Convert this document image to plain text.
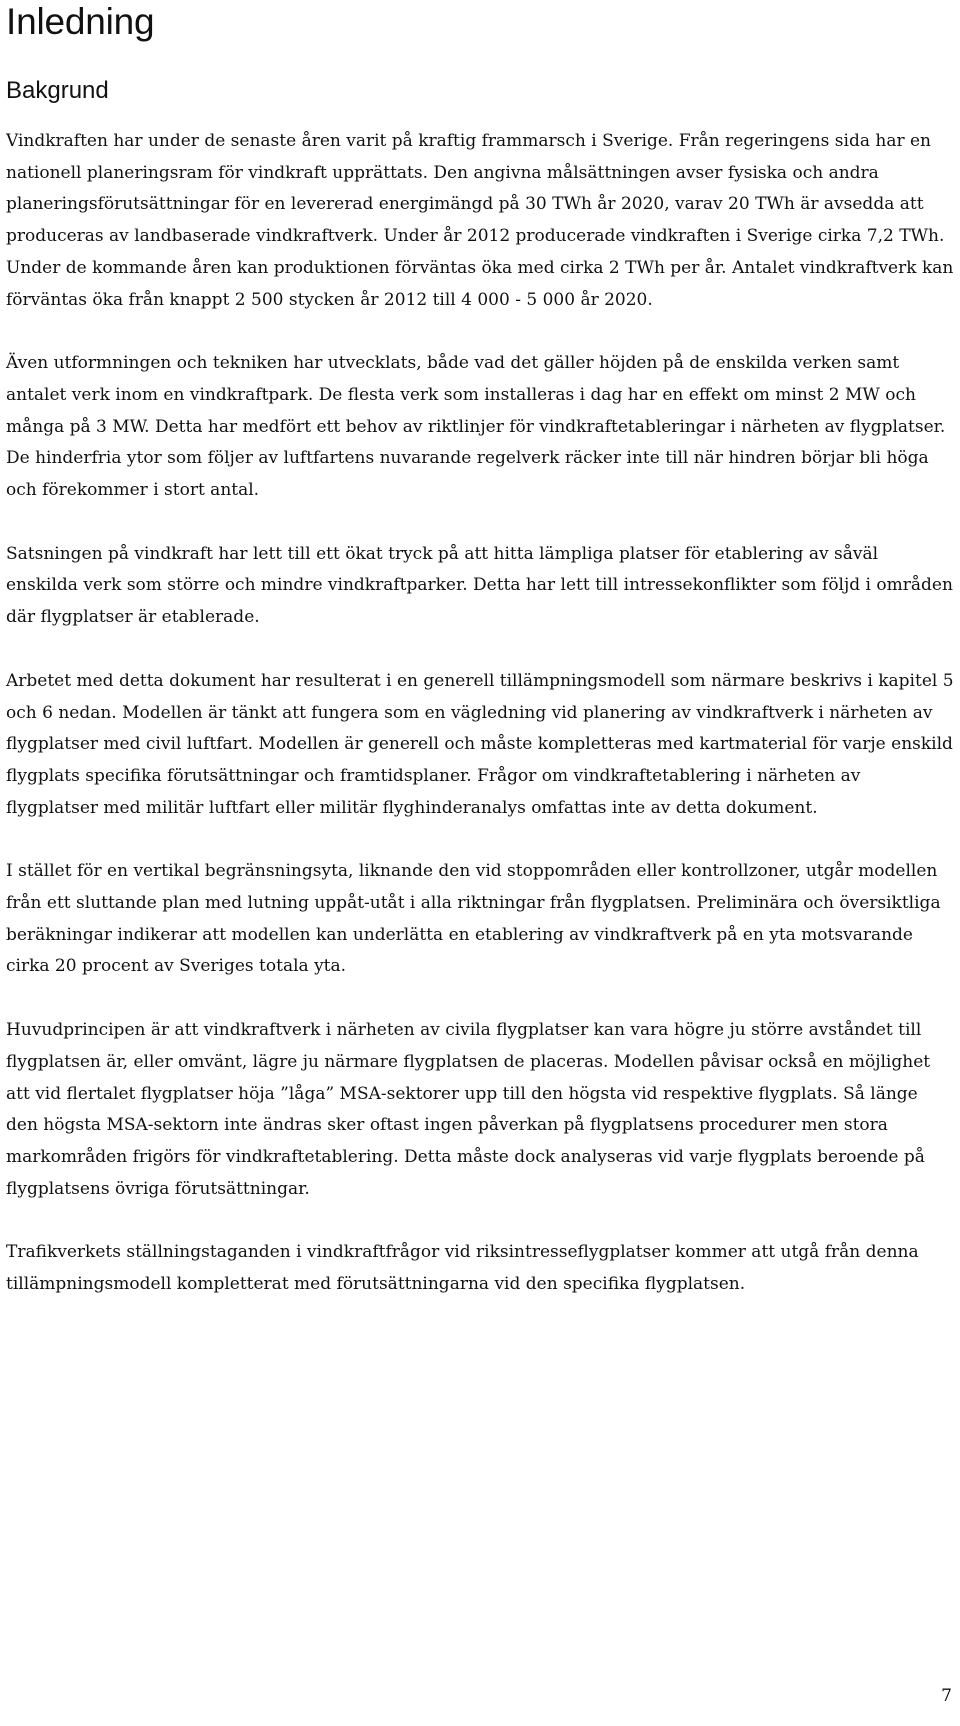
Inledning
Bakgrund

Vindkraften har under de senaste åren varit på kraftig frammarsch i Sverige. Från regeringens sida har en nationell planeringsram för vindkraft upprättats. Den angivna målsättningen avser fysiska och andra planeringsförutsättningar för en levererad energimängd på 30 TWh år 2020, varav 20 TWh är avsedda att produceras av landbaserade vindkraftverk. Under år 2012 producerade vindkraften i Sverige cirka 7,2 TWh. Under de kommande åren kan produktionen förväntas öka med cirka 2 TWh per år. Antalet vindkraftverk kan förväntas öka från knappt 2 500 stycken år 2012 till 4 000 - 5 000 år 2020.

Även utformningen och tekniken har utvecklats, både vad det gäller höjden på de enskilda verken samt antalet verk inom en vindkraftpark. De flesta verk som installeras i dag har en effekt om minst 2 MW och många på 3 MW. Detta har medfört ett behov av riktlinjer för vindkraftetableringar i närheten av flygplatser. De hinderfria ytor som följer av luftfartens nuvarande regelverk räcker inte till när hindren börjar bli höga och förekommer i stort antal.

Satsningen på vindkraft har lett till ett ökat tryck på att hitta lämpliga platser för etablering av såväl enskilda verk som större och mindre vindkraftparker. Detta har lett till intressekonflikter som följd i områden där flygplatser är etablerade.

Arbetet med detta dokument har resulterat i en generell tillämpningsmodell som närmare beskrivs i kapitel 5 och 6 nedan. Modellen är tänkt att fungera som en vägledning vid planering av vindkraftverk i närheten av flygplatser med civil luftfart. Modellen är generell och måste kompletteras med kartmaterial för varje enskild flygplats specifika förutsättningar och framtidsplaner. Frågor om vindkraftetablering i närheten av flygplatser med militär luftfart eller militär flyghinderanalys omfattas inte av detta dokument.

I stället för en vertikal begränsningsyta, liknande den vid stoppområden eller kontrollzoner, utgår modellen från ett sluttande plan med lutning uppåt-utåt i alla riktningar från flygplatsen. Preliminära och översiktliga beräkningar indikerar att modellen kan underlätta en etablering av vindkraftverk på en yta motsvarande cirka 20 procent av Sveriges totala yta.

Huvudprincipen är att vindkraftverk i närheten av civila flygplatser kan vara högre ju större avståndet till flygplatsen är, eller omvänt, lägre ju närmare flygplatsen de placeras. Modellen påvisar också en möjlighet att vid flertalet flygplatser höja ”låga” MSA-sektorer upp till den högsta vid respektive flygplats. Så länge den högsta MSA-sektorn inte ändras sker oftast ingen påverkan på flygplatsens procedurer men stora markområden frigörs för vindkraftetablering. Detta måste dock analyseras vid varje flygplats beroende på flygplatsens övriga förutsättningar.

Trafikverkets ställningstaganden i vindkraftfrågor vid riksintresseflygplatser kommer att utgå från denna tillämpningsmodell kompletterat med förutsättningarna vid den specifika flygplatsen.

7
